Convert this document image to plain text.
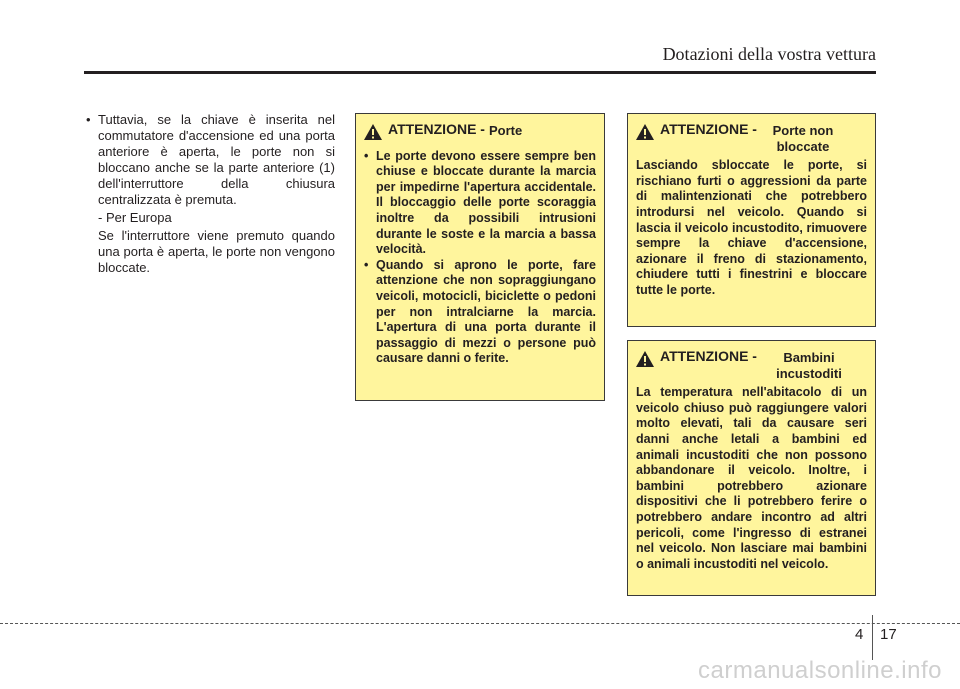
Dotazioni della vostra vettura

• Tuttavia, se la chiave è inserita nel commutatore d'accensione ed una porta anteriore è aperta, le porte non si bloccano anche se la parte anteriore (1) dell'interruttore della chiusura centralizzata è premuta.

- Per Europa

Se l'interruttore viene premuto quando una porta è aperta, le porte non vengono bloccate.

ATTENZIONE - Porte

• Le porte devono essere sempre ben chiuse e bloccate durante la marcia per impedirne l'apertura accidentale. Il bloccaggio delle porte scoraggia inoltre da possibili intrusioni durante le soste e la marcia a bassa velocità.

• Quando si aprono le porte, fare attenzione che non sopraggiungano veicoli, motocicli, biciclette o pedoni per non intralciarne la marcia. L'apertura di una porta durante il passaggio di mezzi o persone può causare danni o ferite.

ATTENZIONE -	Porte non bloccate

Lasciando sbloccate le porte, si rischiano furti o aggressioni da parte di malintenzionati che potrebbero introdursi nel veicolo. Quando si lascia il veicolo incustodito, rimuovere sempre la chiave d'accensione, azionare il freno di stazionamento, chiudere tutti i finestrini e bloccare tutte le porte.

ATTENZIONE -	Bambini incustoditi

La temperatura nell'abitacolo di un veicolo chiuso può raggiungere valori molto elevati, tali da causare seri danni anche letali a bambini ed animali incustoditi che non possono abbandonare il veicolo. Inoltre, i bambini potrebbero azionare dispositivi che li potrebbero ferire o potrebbero andare incontro ad altri pericoli, come l'ingresso di estranei nel veicolo. Non lasciare mai bambini o animali incustoditi nel veicolo.

4 17
carmanualsonline.info
